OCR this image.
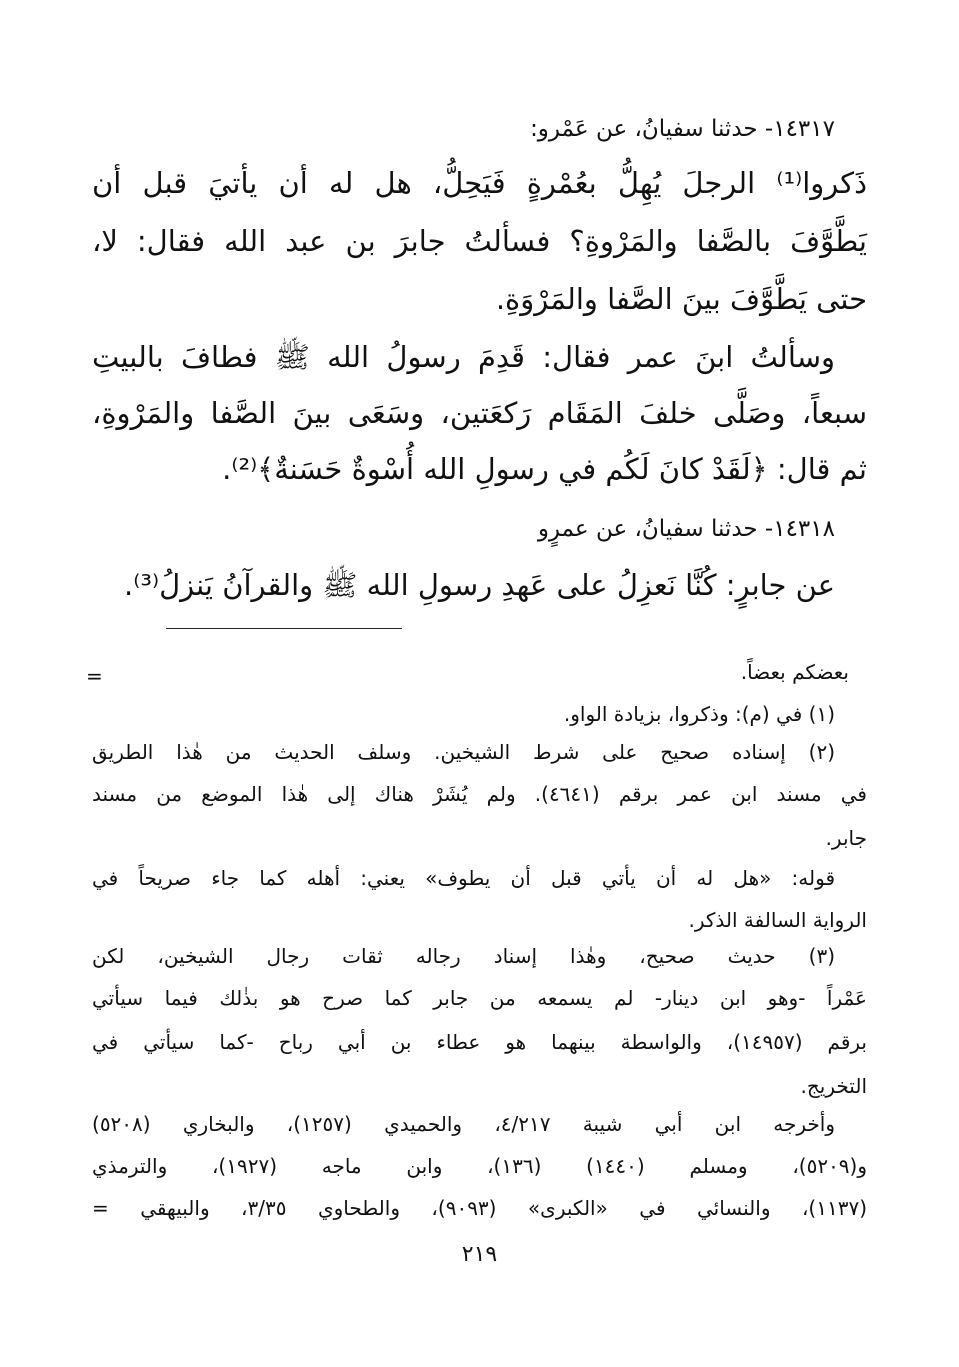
١٤٣١٧- حدثنا سفيانُ، عن عَمْرو:
ذَكروا⁽¹⁾ الرجلَ يُهِلُّ بعُمْرةٍ فَيَحِلُّ، هل له أن يأتيَ قبل أن
يَطَّوَّفَ بالصَّفا والمَرْوةِ؟ فسألتُ جابرَ بن عبد الله فقال: لا،
حتى يَطَّوَّفَ بينَ الصَّفا والمَرْوَةِ.
وسألتُ ابنَ عمر فقال: قَدِمَ رسولُ الله ﷺ فطافَ بالبيتِ
سبعاً، وصَلَّى خلفَ المَقَام رَكعَتين، وسَعَى بينَ الصَّفا والمَرْوةِ،
ثم قال: ﴿لَقَدْ كانَ لَكُم في رسولِ الله أُسْوةٌ حَسَنةٌ﴾⁽²⁾.
١٤٣١٨- حدثنا سفيانُ، عن عمرٍو
عن جابرٍ: كُنَّا نَعزِلُ على عَهدِ رسولِ الله ﷺ والقرآنُ يَنزلُ⁽³⁾.
=	بعضكم بعضاً.
(١) في (م): وذكروا، بزيادة الواو.
(٢) إسناده صحيح على شرط الشيخين. وسلف الحديث من هٰذا الطريق
في مسند ابن عمر برقم (٤٦٤١). ولم يُشَرْ هناك إلى هٰذا الموضع من مسند
جابر.
قوله: «هل له أن يأتي قبل أن يطوف» يعني: أهله كما جاء صريحاً في
الرواية السالفة الذكر.
(٣) حديث صحيح، وهٰذا إسناد رجاله ثقات رجال الشيخين، لكن
عَمْراً -وهو ابن دينار- لم يسمعه من جابر كما صرح هو بذٰلك فيما سيأتي
برقم (١٤٩٥٧)، والواسطة بينهما هو عطاء بن أبي رباح -كما سيأتي في
التخريج.
وأخرجه ابن أبي شيبة ٤/٢١٧، والحميدي (١٢٥٧)، والبخاري (٥٢٠٨)
و(٥٢٠٩)، ومسلم (١٤٤٠) (١٣٦)، وابن ماجه (١٩٢٧)، والترمذي
(١١٣٧)، والنسائي في «الكبرى» (٩٠٩٣)، والطحاوي ٣/٣٥، والبيهقي =
٢١٩
